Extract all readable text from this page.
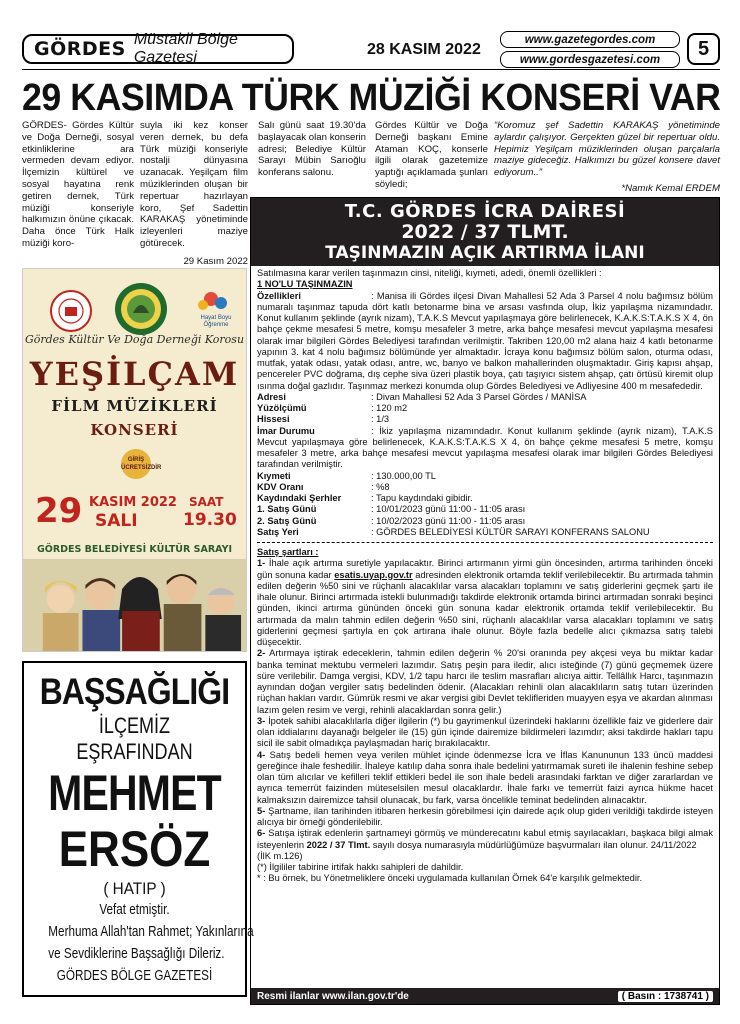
GÖRDES Müstakil Bölge Gazetesi	28 KASIM 2022
www.gazetegordes.com
www.gordesgazetesi.com	5
29 KASIMDA TÜRK MÜZİĞİ KONSERİ VAR

GÖRDES- Gördes Kültür ve Doğa Derneği, sosyal etkinliklerine ara vermeden devam ediyor. İlçemizin kültürel ve sosyal hayatına renk getiren dernek, Türk müziği konseriyle halkımızın önüne çıkacak. Daha önce Türk Halk müziği koro-

suyla iki kez konser veren dernek, bu defa Türk müziği konseriyle nostalji dünyasına uzanacak. Yeşilçam film müziklerinden oluşan bir repertuar hazırlayan koro, Şef Sadettin KARAKAŞ yönetiminde izleyenleri maziye götürecek.

29 Kasım 2022

Salı günü saat 19.30'da başlayacak olan konserin adresi; Belediye Kültür Sarayı Mübin Sarıoğlu konferans salonu.

Gördes Kültür ve Doğa Derneği başkanı Emine Ataman KOÇ, konserle ilgili olarak gazetemize yaptığı açıklamada şunları söyledi;

“Koromuz şef Sadettin KARAKAŞ yönetiminde aylardır çalışıyor. Gerçekten güzel bir repertuar oldu. Hepimiz Yeşilçam müziklerinden oluşan parçalarla maziye gideceğiz. Halkımızı bu güzel konsere davet ediyorum..”

*Namık Kemal ERDEM

Hayat Boyu Öğrenme
Gördes Kültür Ve Doğa Derneği Korosu
YEŞİLÇAM
FİLM MÜZİKLERİ
KONSERİ
GİRİŞ ÜCRETSİZDİR
29 KASIM 2022
SALI
SAAT
19.30
GÖRDES BELEDİYESİ KÜLTÜR SARAYI
BAŞSAĞLIĞI
İLÇEMİZ EŞRAFINDAN
MEHMET
ERSÖZ
( HATIP )
Vefat etmiştir.
Merhuma Allah'tan Rahmet; Yakınlarına
ve Sevdiklerine Başsağlığı Dileriz.
GÖRDES BÖLGE GAZETESİ
T.C. GÖRDES İCRA DAİRESİ
2022 / 37 TLMT.
TAŞINMAZIN AÇIK ARTIRMA İLANI
Satılmasına karar verilen taşınmazın cinsi, niteliği, kıymeti, adedi, önemli özellikleri :
1 NO'LU TAŞINMAZIN
Özellikleri	: Manisa ili Gördes ilçesi Divan Mahallesi 52 Ada 3 Parsel 4 nolu bağımsız bölüm numaralı taşınmaz tapuda dört katlı betonarme bina ve arsası vasfında olup, İkiz yapılaşma nizamındadır. Konut kullanım şeklinde (ayrık nizam), T.A.K.S Mevcut yapılaşmaya göre belirlenecek, K.A.K.S:T.A.K.S X 4, ön bahçe çekme mesafesi 5 metre, komşu mesafeler 3 metre, arka bahçe mesafesi mevcut yapılaşma mesafesi olarak imar bilgileri Gördes Belediyesi tarafından verilmiştir. Takriben 120,00 m2 alana haiz 4 katlı betonarme yapının 3. kat 4 nolu bağımsız bölümünde yer almaktadır. İcraya konu bağımsız bölüm salon, oturma odası, mutfak, yatak odası, yatak odası, antre, wc, banyo ve balkon mahallerinden oluşmaktadır. Giriş kapısı ahşap, pencereler PVC doğrama, dış cephe siva üzeri plastik boya, çatı taşıyıcı sistem ahşap, çatı örtüsü kiremit olup ısınma doğal gazlıdır. Taşınmaz merkezi konumda olup Gördes Belediyesi ve Adliyesine 400 m mesafededir.
Adresi	: Divan Mahallesi 52 Ada 3 Parsel Gördes / MANİSA
Yüzölçümü	: 120 m2
Hissesi	: 1/3
İmar Durumu	: İkiz yapılaşma nizamındadır. Konut kullanım şeklinde (ayrık nizam), T.A.K.S Mevcut yapılaşmaya göre belirlenecek, K.A.K.S:T.A.K.S X 4, ön bahçe çekme mesafesi 5 metre, komşu mesafeler 3 metre, arka bahçe mesafesi mevcut yapılaşma mesafesi olarak imar bilgileri Gördes Belediyesi tarafından verilmiştir.
Kıymeti	: 130.000,00 TL
KDV Oranı	: %8
Kaydındaki Şerhler	: Tapu kaydındaki gibidir.
1. Satış Günü	: 10/01/2023 günü 11:00 - 11:05 arası
2. Satış Günü	: 10/02/2023 günü 11:00 - 11:05 arası
Satış Yeri	: GÖRDES BELEDİYESİ KÜLTÜR SARAYI KONFERANS SALONU
Satış şartları :
1- İhale açık artırma suretiyle yapılacaktır. Birinci artırmanın yirmi gün öncesinden, artırma tarihinden önceki gün sonuna kadar esatis.uyap.gov.tr adresinden elektronik ortamda teklif verilebilecektir. Bu artırmada tahmin edilen değerin %50 sini ve rüçhanlı alacaklılar varsa alacakları toplamını ve satış giderlerini geçmek şartı ile ihale olunur. Birinci artırmada istekli bulunmadığı takdirde elektronik ortamda birinci artırmadan sonraki beşinci günden, ikinci artırma gününden önceki gün sonuna kadar elektronik ortamda teklif verilebilecektir. Bu artırmada da malın tahmin edilen değerin %50 sini, rüçhanlı alacaklılar varsa alacakları toplamını ve satış giderlerini geçmesi şartıyla en çok artırana ihale olunur. Böyle fazla bedelle alıcı çıkmazsa satış talebi düşecektir.
2- Artırmaya iştirak edeceklerin, tahmin edilen değerin % 20'si oranında pey akçesi veya bu miktar kadar banka teminat mektubu vermeleri lazımdır. Satış peşin para iledir, alıcı isteğinde (7) günü geçmemek üzere süre verilebilir. Damga vergisi, KDV, 1/2 tapu harcı ile teslim masrafları alıcıya aittir. Tellâllık Harcı, taşınmazın aynından doğan vergiler satış bedelinden ödenir. (Alacakları rehinli olan alacaklıların satış tutarı üzerinden rüçhan hakları vardır. Gümrük resmi ve akar vergisi gibi Devlet teklifleriden muayyen eşya ve akardan alınması lazım gelen resim ve vergi, rehinli alacaklardan sonra gelir.)
3- İpotek sahibi alacaklılarla diğer ilgilerin (*) bu gayrimenkul üzerindeki haklarını özellikle faiz ve giderlere dair olan iddialarını dayanağı belgeler ile (15) gün içinde dairemize bildirmeleri lazımdır; aksi takdirde hakları tapu sicil ile sabit olmadıkça paylaşmadan hariç bırakılacaktır.
4- Satış bedeli hemen veya verilen mühlet içinde ödenmezse İcra ve İflas Kanununun 133 üncü maddesi gereğince ihale feshedilir. İhaleye katılıp daha sonra ihale bedelini yatırmamak sureti ile ihalenin feshine sebep olan tüm alıcılar ve kefilleri teklif ettikleri bedel ile son ihale bedeli arasındaki farktan ve diğer zararlardan ve ayrıca temerrüt faizinden müteselsilen mesul olacaklardır. İhale farkı ve temerrüt faizi ayrıca hükme hacet kalmaksızın dairemizce tahsil olunacak, bu fark, varsa öncelikle teminat bedelinden alınacaktır.
5- Şartname, ilan tarihinden itibaren herkesin görebilmesi için dairede açık olup gideri verildiği takdirde isteyen alıcıya bir örneği gönderilebilir.
6- Satışa iştirak edenlerin şartnameyi görmüş ve münderecatını kabul etmiş sayılacakları, başkaca bilgi almak isteyenlerin 2022 / 37 Tlmt. sayılı dosya numarasıyla müdürlüğümüze başvurmaları ilan olunur. 24/11/2022
(İlK m.126)
(*) İlgililer tabirine irtifak hakkı sahipleri de dahildir.
* : Bu örnek, bu Yönetmeliklere önceki uygulamada kullanılan Örnek 64'e karşılık gelmektedir.
Resmi ilanlar www.ilan.gov.tr'de	( Basın : 1738741 )
